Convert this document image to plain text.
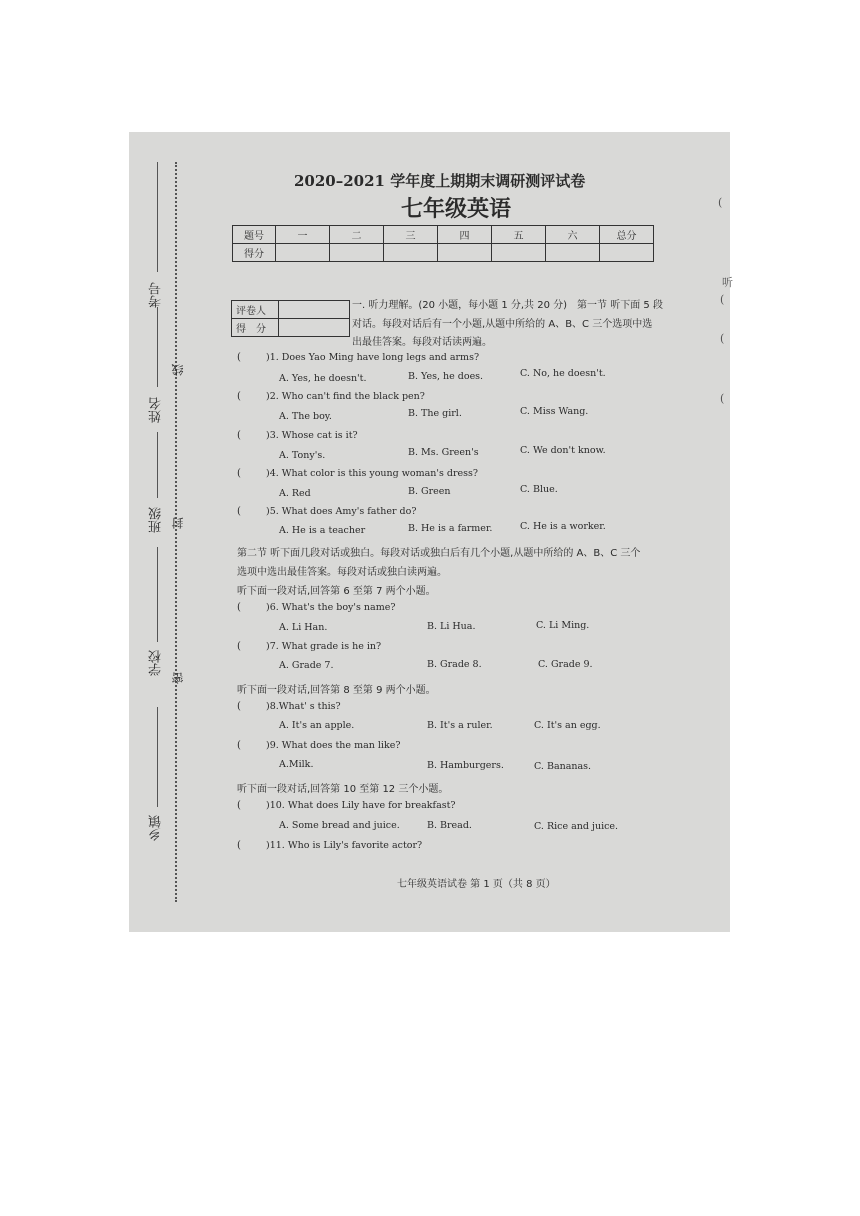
考号
姓名
线
班级 封
学校
密
乡镇
2020–2021 学年度上期期末调研测评试卷
七年级英语
题号	一	二	三	四	五	六	总分
得分							
评卷人	
得　分	
一. 听力理解。(20 小题，每小题 1 分,共 20 分)　第一节 听下面 5 段
对话。每段对话后有一个小题,从题中所给的 A、B、C 三个选项中选
出最佳答案。每段对话读两遍。
(	)1. Does Yao Ming have long legs and arms?
A. Yes, he doesn't.	B. Yes, he does.	C. No, he doesn't.
(	)2. Who can't find the black pen?
A. The boy.	B. The girl.	C. Miss Wang.
(	)3. Whose cat is it?
A. Tony's.	B. Ms. Green's	C. We don't know.
(	)4. What color is this young woman's dress?
A. Red	B. Green	C. Blue.
(	)5. What does Amy's father do?
A. He is a teacher	B. He is a farmer.	C. He is a worker.
第二节 听下面几段对话或独白。每段对话或独白后有几个小题,从题中所给的 A、B、C 三个
选项中选出最佳答案。每段对话或独白读两遍。
听下面一段对话,回答第 6 至第 7 两个小题。
(	)6. What's the boy's name?
A. Li Han.	B. Li Hua.	C. Li Ming.
(	)7. What grade is he in?
A. Grade 7.	B. Grade 8.	C. Grade 9.
听下面一段对话,回答第 8 至第 9 两个小题。
(	)8.What' s this?
A. It's an apple.	B. It's a ruler.	C. It's an egg.
(	)9. What does the man like?
A.Milk.	B. Hamburgers.	C. Bananas.
听下面一段对话,回答第 10 至第 12 三个小题。
(	)10. What does Lily have for breakfast?
A. Some bread and juice.	B. Bread.	C. Rice and juice.
(	)11. Who is Lily's favorite actor?
七年级英语试卷 第 1 页（共 8 页）
(
听
(
(
(
